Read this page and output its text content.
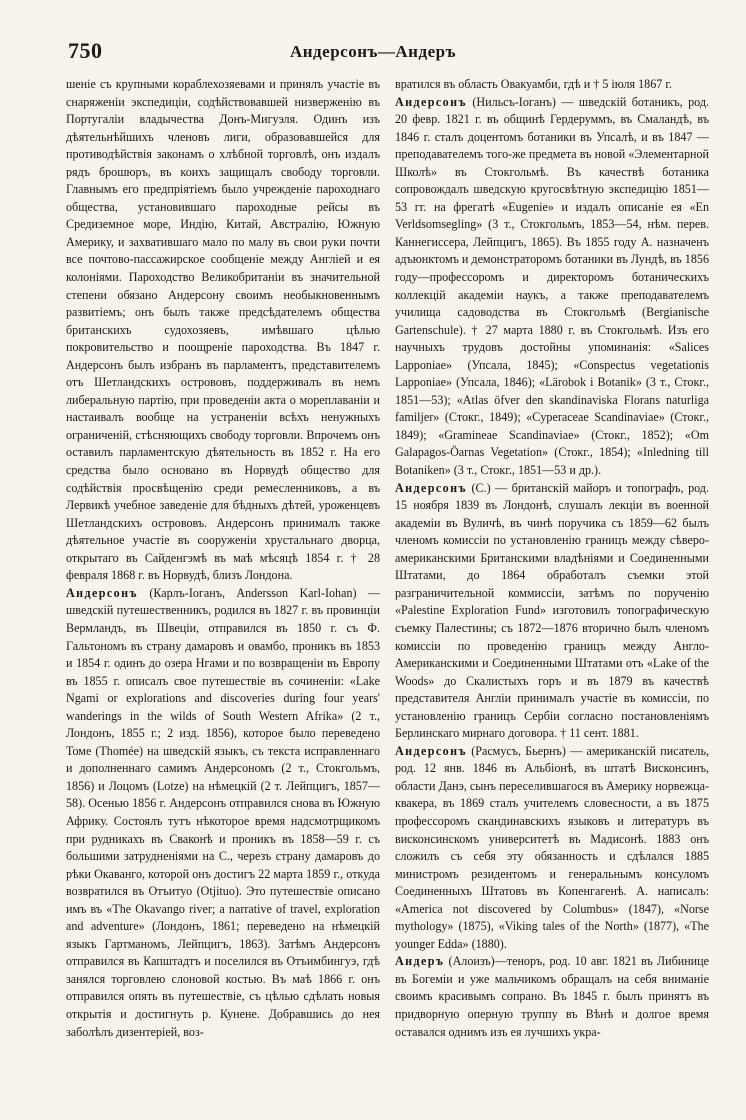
750	Андерсонъ—Андеръ

шеніе съ крупными кораблехозяевами и принялъ участіе въ снаряженіи экспедиціи, содѣйствовавшей низверженію въ Португаліи владычества Донъ-Мигуэля. Одинъ изъ дѣятельнѣйшихъ членовъ лиги, образовавшейся для противодѣйствія законамъ о хлѣбной торговлѣ, онъ издалъ рядъ брошюръ, въ коихъ защищалъ свободу торговли. Главнымъ его предпріятіемъ было учрежденіе пароходнаго общества, установившаго пароходные рейсы въ Средиземное море, Индію, Китай, Австралію, Южную Америку, и захватившаго мало по малу въ свои руки почти все почтово-пассажирское сообщеніе между Англіей и ея колоніями. Пароходство Великобританіи въ значительной степени обязано Андерсону своимъ необыкновеннымъ развитіемъ; онъ былъ также предсѣдателемъ общества британскихъ судохозяевъ, имѣвшаго цѣлью покровительство и поощреніе пароходства. Въ 1847 г. Андерсонъ былъ избранъ въ парламентъ, представителемъ отъ Шетландскихъ острововъ, поддерживалъ въ немъ либеральную партію, при проведеніи акта о мореплаваніи и настаивалъ вообще на устраненіи всѣхъ ненужныхъ ограниченій, стѣсняющихъ свободу торговли. Впрочемъ онъ оставилъ парламентскую дѣятельность въ 1852 г. На его средства было основано въ Норвудѣ общество для содѣйствія просвѣщенію среди ремесленниковъ, а въ Лервикѣ учебное заведеніе для бѣдныхъ дѣтей, уроженцевъ Шетландскихъ острововъ. Андерсонъ принималъ также дѣятельное участіе въ сооруженіи хрустальнаго дворца, открытаго въ Сайденгэмѣ въ маѣ мѣсяцѣ 1854 г. † 28 февраля 1868 г. въ Норвудѣ, близъ Лондона.

Андерсонъ (Карлъ-Іоганъ, Andersson Karl-Iohan) — шведскій путешественникъ, родился въ 1827 г. въ провинціи Вермландъ, въ Швеціи, отправился въ 1850 г. съ Ф. Гальтономъ въ страну дамаровъ и овамбо, проникъ въ 1853 и 1854 г. одинъ до озера Нгами и по возвращеніи въ Европу въ 1855 г. описалъ свое путешествіе въ сочиненіи: «Lake Ngami or explorations and discoveries during four years' wanderings in the wilds of South Western Afrika» (2 т., Лондонъ, 1855 г.; 2 изд. 1856), которое было переведено Томе (Thomée) на шведскій языкъ, съ текста исправленнаго и дополненнаго самимъ Андерсономъ (2 т., Стокгольмъ, 1856) и Лоцомъ (Lotze) на нѣмецкій (2 т. Лейпцигъ, 1857—58). Осенью 1856 г. Андерсонъ отправился снова въ Южную Африку. Состоялъ тутъ нѣкоторое время надсмотрщикомъ при рудникахъ въ Сваконѣ и проникъ въ 1858—59 г. съ большими затрудненіями на С., черезъ страну дамаровъ до рѣки Окаванго, которой онъ достигъ 22 марта 1859 г., откуда возвратился въ Отъитуо (Otjituo). Это путешествіе описано имъ въ «The Okavango river; a narrative of travel, exploration and adventure» (Лондонъ, 1861; переведено на нѣмецкій языкъ Гартманомъ, Лейпцигъ, 1863). Затѣмъ Андерсонъ отправился въ Капштадтъ и поселился въ Отъимбингуэ, гдѣ занялся торговлею слоновой костью. Въ маѣ 1866 г. онъ отправился опять въ путешествіе, съ цѣлью сдѣлать новыя открытія и достигнуть р. Кунене. Добравшись до нея заболѣлъ дизентеріей, воз-

вратился въ область Овакуамби, гдѣ и † 5 іюля 1867 г.

Андерсонъ (Нильсъ-Іоганъ) — шведскій ботаникъ, род. 20 февр. 1821 г. въ общинѣ Гердеруммъ, въ Смаландѣ, въ 1846 г. сталъ доцентомъ ботаники въ Упсалѣ, и въ 1847 — преподавателемъ того-же предмета въ новой «Элементарной Школѣ» въ Стокгольмѣ. Въ качествѣ ботаника сопровождалъ шведскую кругосвѣтную экспедицію 1851—53 гг. на фрегатѣ «Eugenie» и издалъ описаніе ея «En Verldsomsegling» (3 т., Стокгольмъ, 1853—54, нѣм. перев. Каннегиссера, Лейпцигъ, 1865). Въ 1855 году А. назначенъ адъюнктомъ и демонстраторомъ ботаники въ Лундѣ, въ 1856 году—профессоромъ и директоромъ ботаническихъ коллекцій академіи наукъ, а также преподавателемъ училища садоводства въ Стокгольмѣ (Bergianische Gartenschule). † 27 марта 1880 г. въ Стокгольмѣ. Изъ его научныхъ трудовъ достойны упоминанія: «Salices Lapponiae» (Упсала, 1845); «Conspectus vegetationis Lapponiae» (Упсала, 1846); «Lärobok i Botanik» (3 т., Стокг., 1851—53); «Atlas öfver den skandinaviska Florans naturliga familjer» (Стокг., 1849); «Cyperaceae Scandinaviae» (Стокг., 1849); «Gramineae Scandinaviae» (Стокг., 1852); «Om Galapagos-Öarnas Vegetation» (Стокг., 1854); «Inledning till Botaniken» (3 т., Стокг., 1851—53 и др.).

Андерсонъ (С.) — британскій майоръ и топографъ, род. 15 ноября 1839 въ Лондонѣ, слушалъ лекціи въ военной академіи въ Вуличѣ, въ чинѣ поручика съ 1859—62 былъ членомъ комиссіи по установленію границъ между сѣверо-американскими Британскими владѣніями и Соединенными Штатами, до 1864 обработалъ съемки этой разграничительной коммиссіи, затѣмъ по порученію «Palestine Exploration Fund» изготовилъ топографическую съемку Палестины; съ 1872—1876 вторично былъ членомъ комиссіи по проведенію границъ между Англо-Американскими и Соединенными Штатами отъ «Lake of the Woods» до Скалистыхъ горъ и въ 1879 въ качествѣ представителя Англіи принималъ участіе въ комиссіи, по установленію границъ Сербіи согласно постановленіямъ Берлинскаго мирнаго договора. † 11 сент. 1881.

Андерсонъ (Расмусъ, Бьернъ) — американскій писатель, род. 12 янв. 1846 въ Альбіонѣ, въ штатѣ Висконсинъ, области Данэ, сынъ переселившагося въ Америку норвежца-квакера, въ 1869 сталъ учителемъ словесности, а въ 1875 профессоромъ скандинавскихъ языковъ и литературъ въ висконсинскомъ университетѣ въ Мадисонѣ. 1883 онъ сложилъ съ себя эту обязанность и сдѣлался 1885 министромъ резидентомъ и генеральнымъ консуломъ Соединенныхъ Штатовъ въ Копенгагенѣ. А. написалъ: «America not discovered by Columbus» (1847), «Norse mythology» (1875), «Viking tales of the North» (1877), «The younger Edda» (1880).

Андеръ (Алоизъ)—теноръ, род. 10 авг. 1821 въ Либинице въ Богеміи и уже мальчикомъ обращалъ на себя вниманіе своимъ красивымъ сопрано. Въ 1845 г. былъ принятъ въ придворную оперную труппу въ Вѣнѣ и долгое время оставался однимъ изъ ея лучшихъ укра-
